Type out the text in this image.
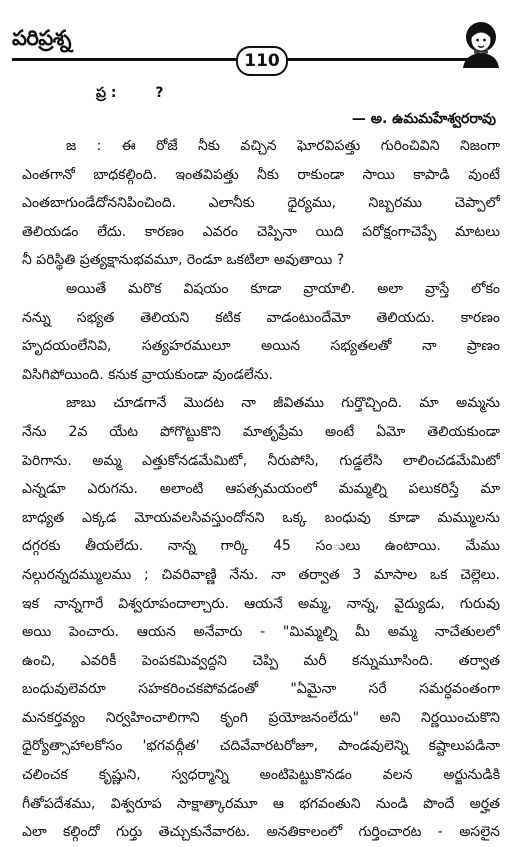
పరిప్రశ్న
110
ప్ర :	?
— అ. ఉమమహేశ్వరరావు
జ : ఈ రోజే నీకు వచ్చిన ఘోరవిపత్తు గురించివిని నిజంగా
ఎంతగానో బాధకల్గింది. ఇంతవిపత్తు నీకు రాకుండా సాయి కాపాడి వుంటే
ఎంతబాగుండేదోననిపించింది. ఎలానీకు ధైర్యము, నిబ్బరము చెప్పాలో
తెలియడం లేదు. కారణం ఎవరం చెప్పినా యిది పరోక్షంగాచెప్పే మాటలు
నీ పరిస్థితి ప్రత్యక్షానుభవమూ, రెండూ ఒకటిలా అవుతాయి ?
అయితే మరొక విషయం కూడా వ్రాయాలి. అలా వ్రాస్తే లోకం
నన్ను సభ్యత తెలియని కటిక వాడంటుందేమో తెలియదు. కారణం
హృదయంలేనివి, సత్యహరములూ అయిన సభ్యతలతో నా ప్రాణం
విసిగిపోయింది. కనుక వ్రాయకుండా వుండలేను.
జాబు చూడగానే మొదట నా జీవితము గుర్తొచ్చింది. మా అమ్మను
నేను 2వ యేట పోగొట్టుకొని మాతృప్రేమ అంటే ఏమో తెలియకుండా
పెరిగాను. అమ్మ ఎత్తుకోనడమేమిటో, నీరుపోసి, గుడ్డలేసి లాలించడమేమిటో
ఎన్నడూ ఎరుగను. అలాంటి ఆపత్సమయంలో మమ్మల్ని పలుకరిస్తే మా
బాధ్యత ఎక్కడ మోయవలసివస్తుందోనని ఒక్క బంధువు కూడా మమ్ములను
దగ్గరకు తీయలేదు. నాన్న గార్కి 45 సంులు ఉంటాయి. మేము
నల్గురన్నదమ్ములము ; చివరివాణ్ణి నేను. నా తర్వాత 3 మాసాల ఒక చెల్లెలు.
ఇక నాన్నగారే విశ్వరూపందాల్చారు. ఆయనే అమ్మ, నాన్న, వైద్యుడు, గురువు
అయి పెంచారు. ఆయన అనేవారు - "మిమ్మల్ని మీ అమ్మ నాచేతులలో
ఉంచి, ఎవరికీ పెంపకమివ్వద్దని చెప్పి మరీ కన్నుమూసింది. తర్వాత
బంధువులెవరూ సహకరించకపోవడంతో "ఏమైనా సరే సమర్ధవంతంగా
మనకర్తవ్యం నిర్వహించాలిగాని కృంగి ప్రయోజనంలేదు" అని నిర్ణయించుకొని
ధైర్యోత్సాహాలకోసం 'భగవద్గీత' చదివేవారటరోజూ, పాండవులెన్ని కష్టాలుపడినా
చలించక కృష్ణుని, స్వధర్మాన్ని అంటిపెట్టుకొనడం వలన అర్జునుడికి
గీతోపదేశము, విశ్వరూప సాక్షాత్కారమూ ఆ భగవంతుని నుండి పొందే అర్హత
ఎలా కల్గిందో గుర్తు తెచ్చుకునేవారట. అనతికాలంలో గుర్తించారట - అసలైన
